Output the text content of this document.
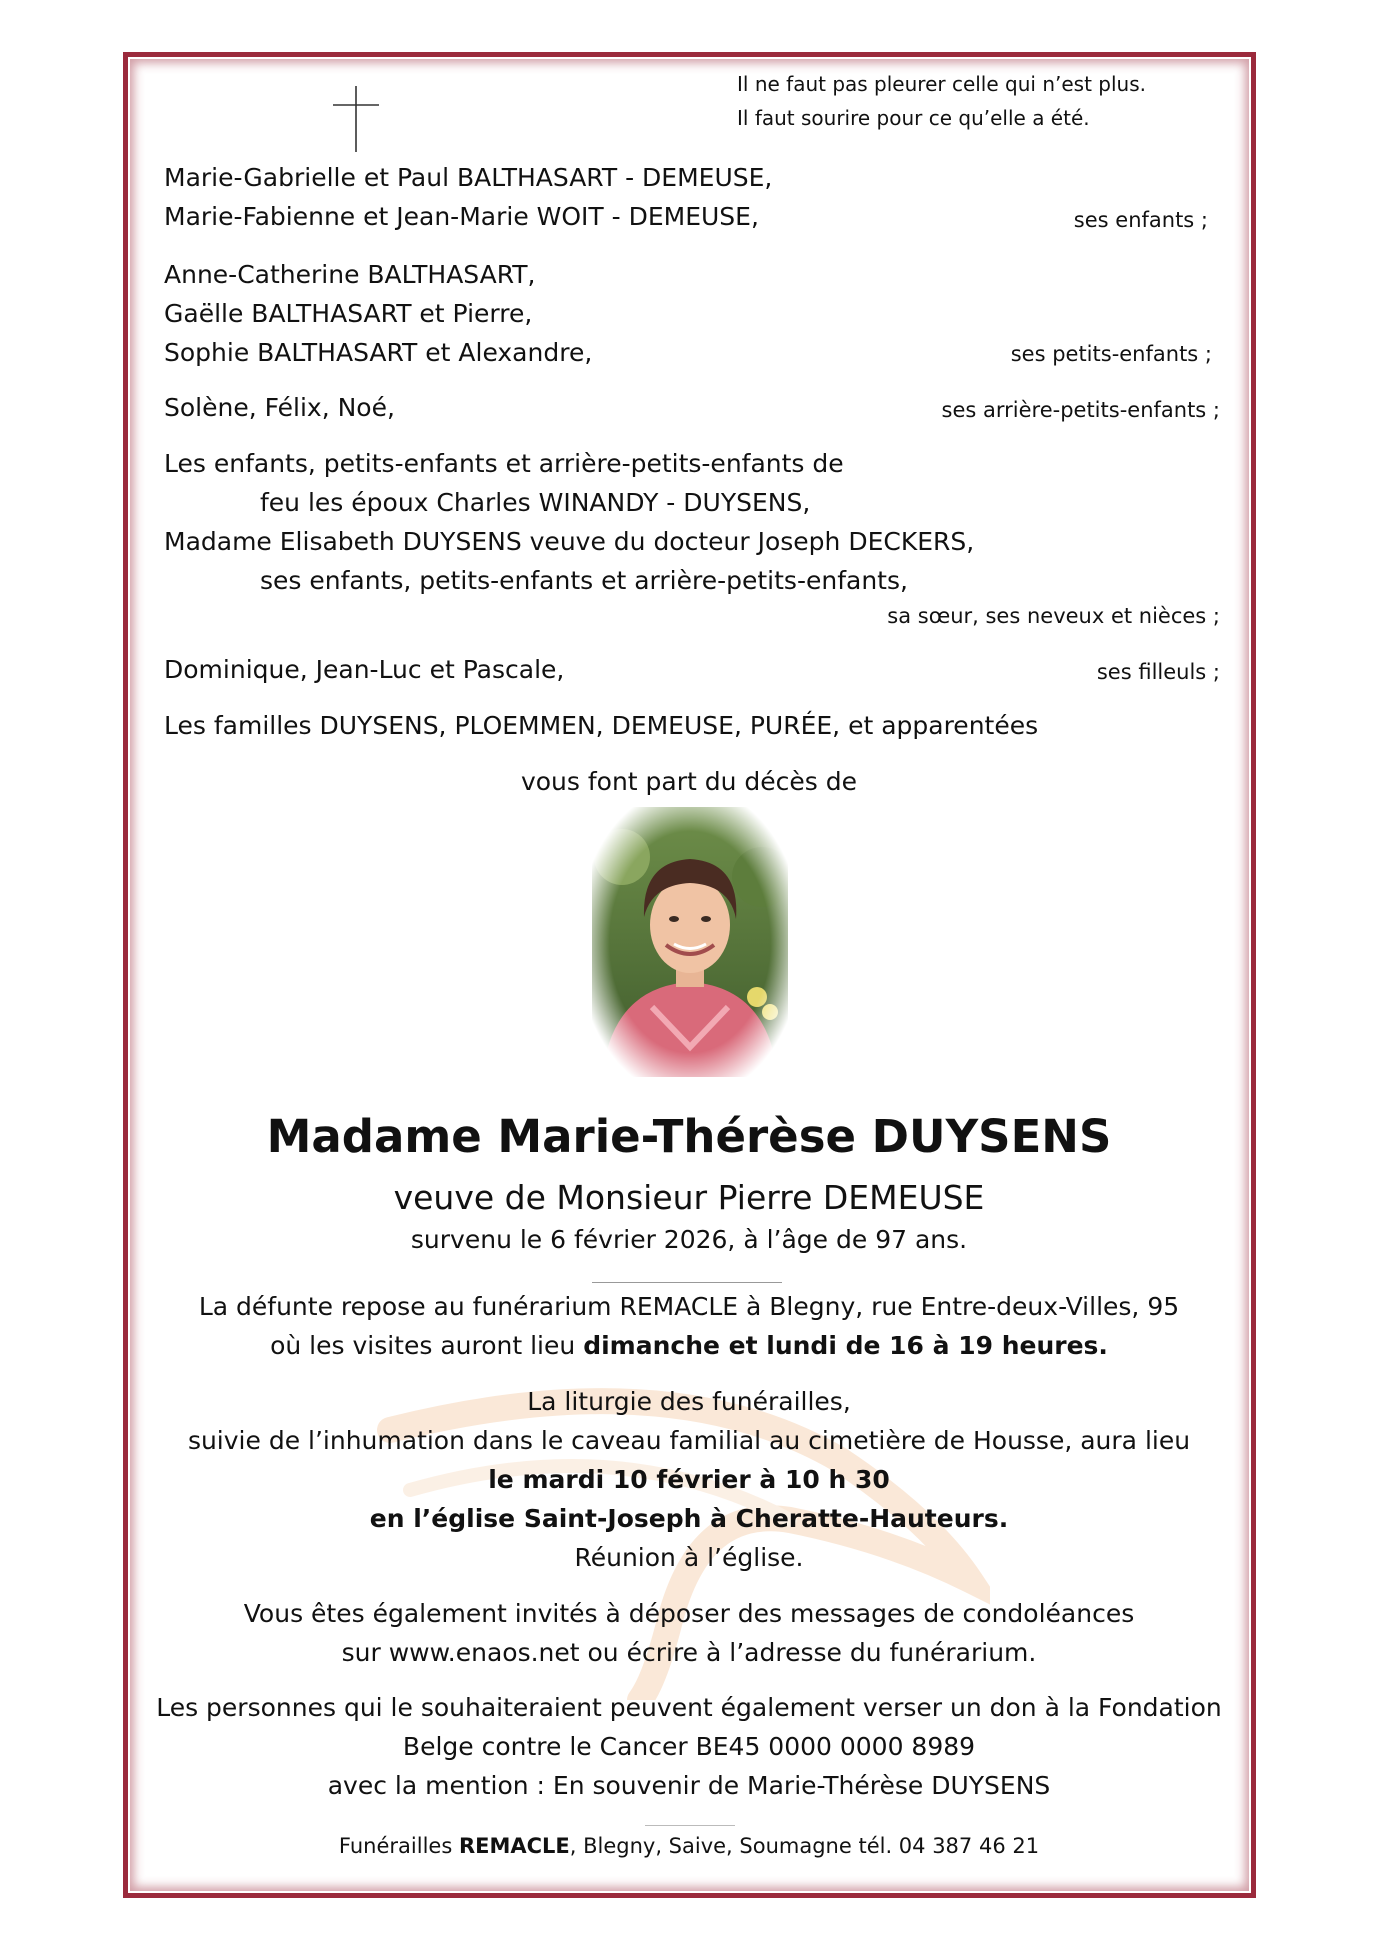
Il ne faut pas pleurer celle qui n’est plus.
Il faut sourire pour ce qu’elle a été.
Marie-Gabrielle et Paul BALTHASART - DEMEUSE,
Marie-Fabienne et Jean-Marie WOIT - DEMEUSE,	ses enfants ;
Anne-Catherine BALTHASART,
Gaëlle BALTHASART et Pierre,
Sophie BALTHASART et Alexandre,	ses petits-enfants ;
Solène, Félix, Noé,	ses arrière-petits-enfants ;
Les enfants, petits-enfants et arrière-petits-enfants de
feu les époux Charles WINANDY - DUYSENS,
Madame Elisabeth DUYSENS veuve du docteur Joseph DECKERS,
ses enfants, petits-enfants et arrière-petits-enfants,
sa sœur, ses neveux et nièces ;
Dominique, Jean-Luc et Pascale,	ses filleuls ;
Les familles DUYSENS, PLOEMMEN, DEMEUSE, PURÉE, et apparentées
vous font part du décès de
Madame Marie-Thérèse DUYSENS
veuve de Monsieur Pierre DEMEUSE
survenu le 6 février 2026, à l’âge de 97 ans.
La défunte repose au funérarium REMACLE à Blegny, rue Entre-deux-Villes, 95
où les visites auront lieu dimanche et lundi de 16 à 19 heures.
La liturgie des funérailles,
suivie de l’inhumation dans le caveau familial au cimetière de Housse, aura lieu
le mardi 10 février à 10 h 30
en l’église Saint-Joseph à Cheratte-Hauteurs.
Réunion à l’église.
Vous êtes également invités à déposer des messages de condoléances
sur www.enaos.net ou écrire à l’adresse du funérarium.
Les personnes qui le souhaiteraient peuvent également verser un don à la Fondation
Belge contre le Cancer BE45 0000 0000 8989
avec la mention : En souvenir de Marie-Thérèse DUYSENS
Funérailles REMACLE, Blegny, Saive, Soumagne tél. 04 387 46 21
